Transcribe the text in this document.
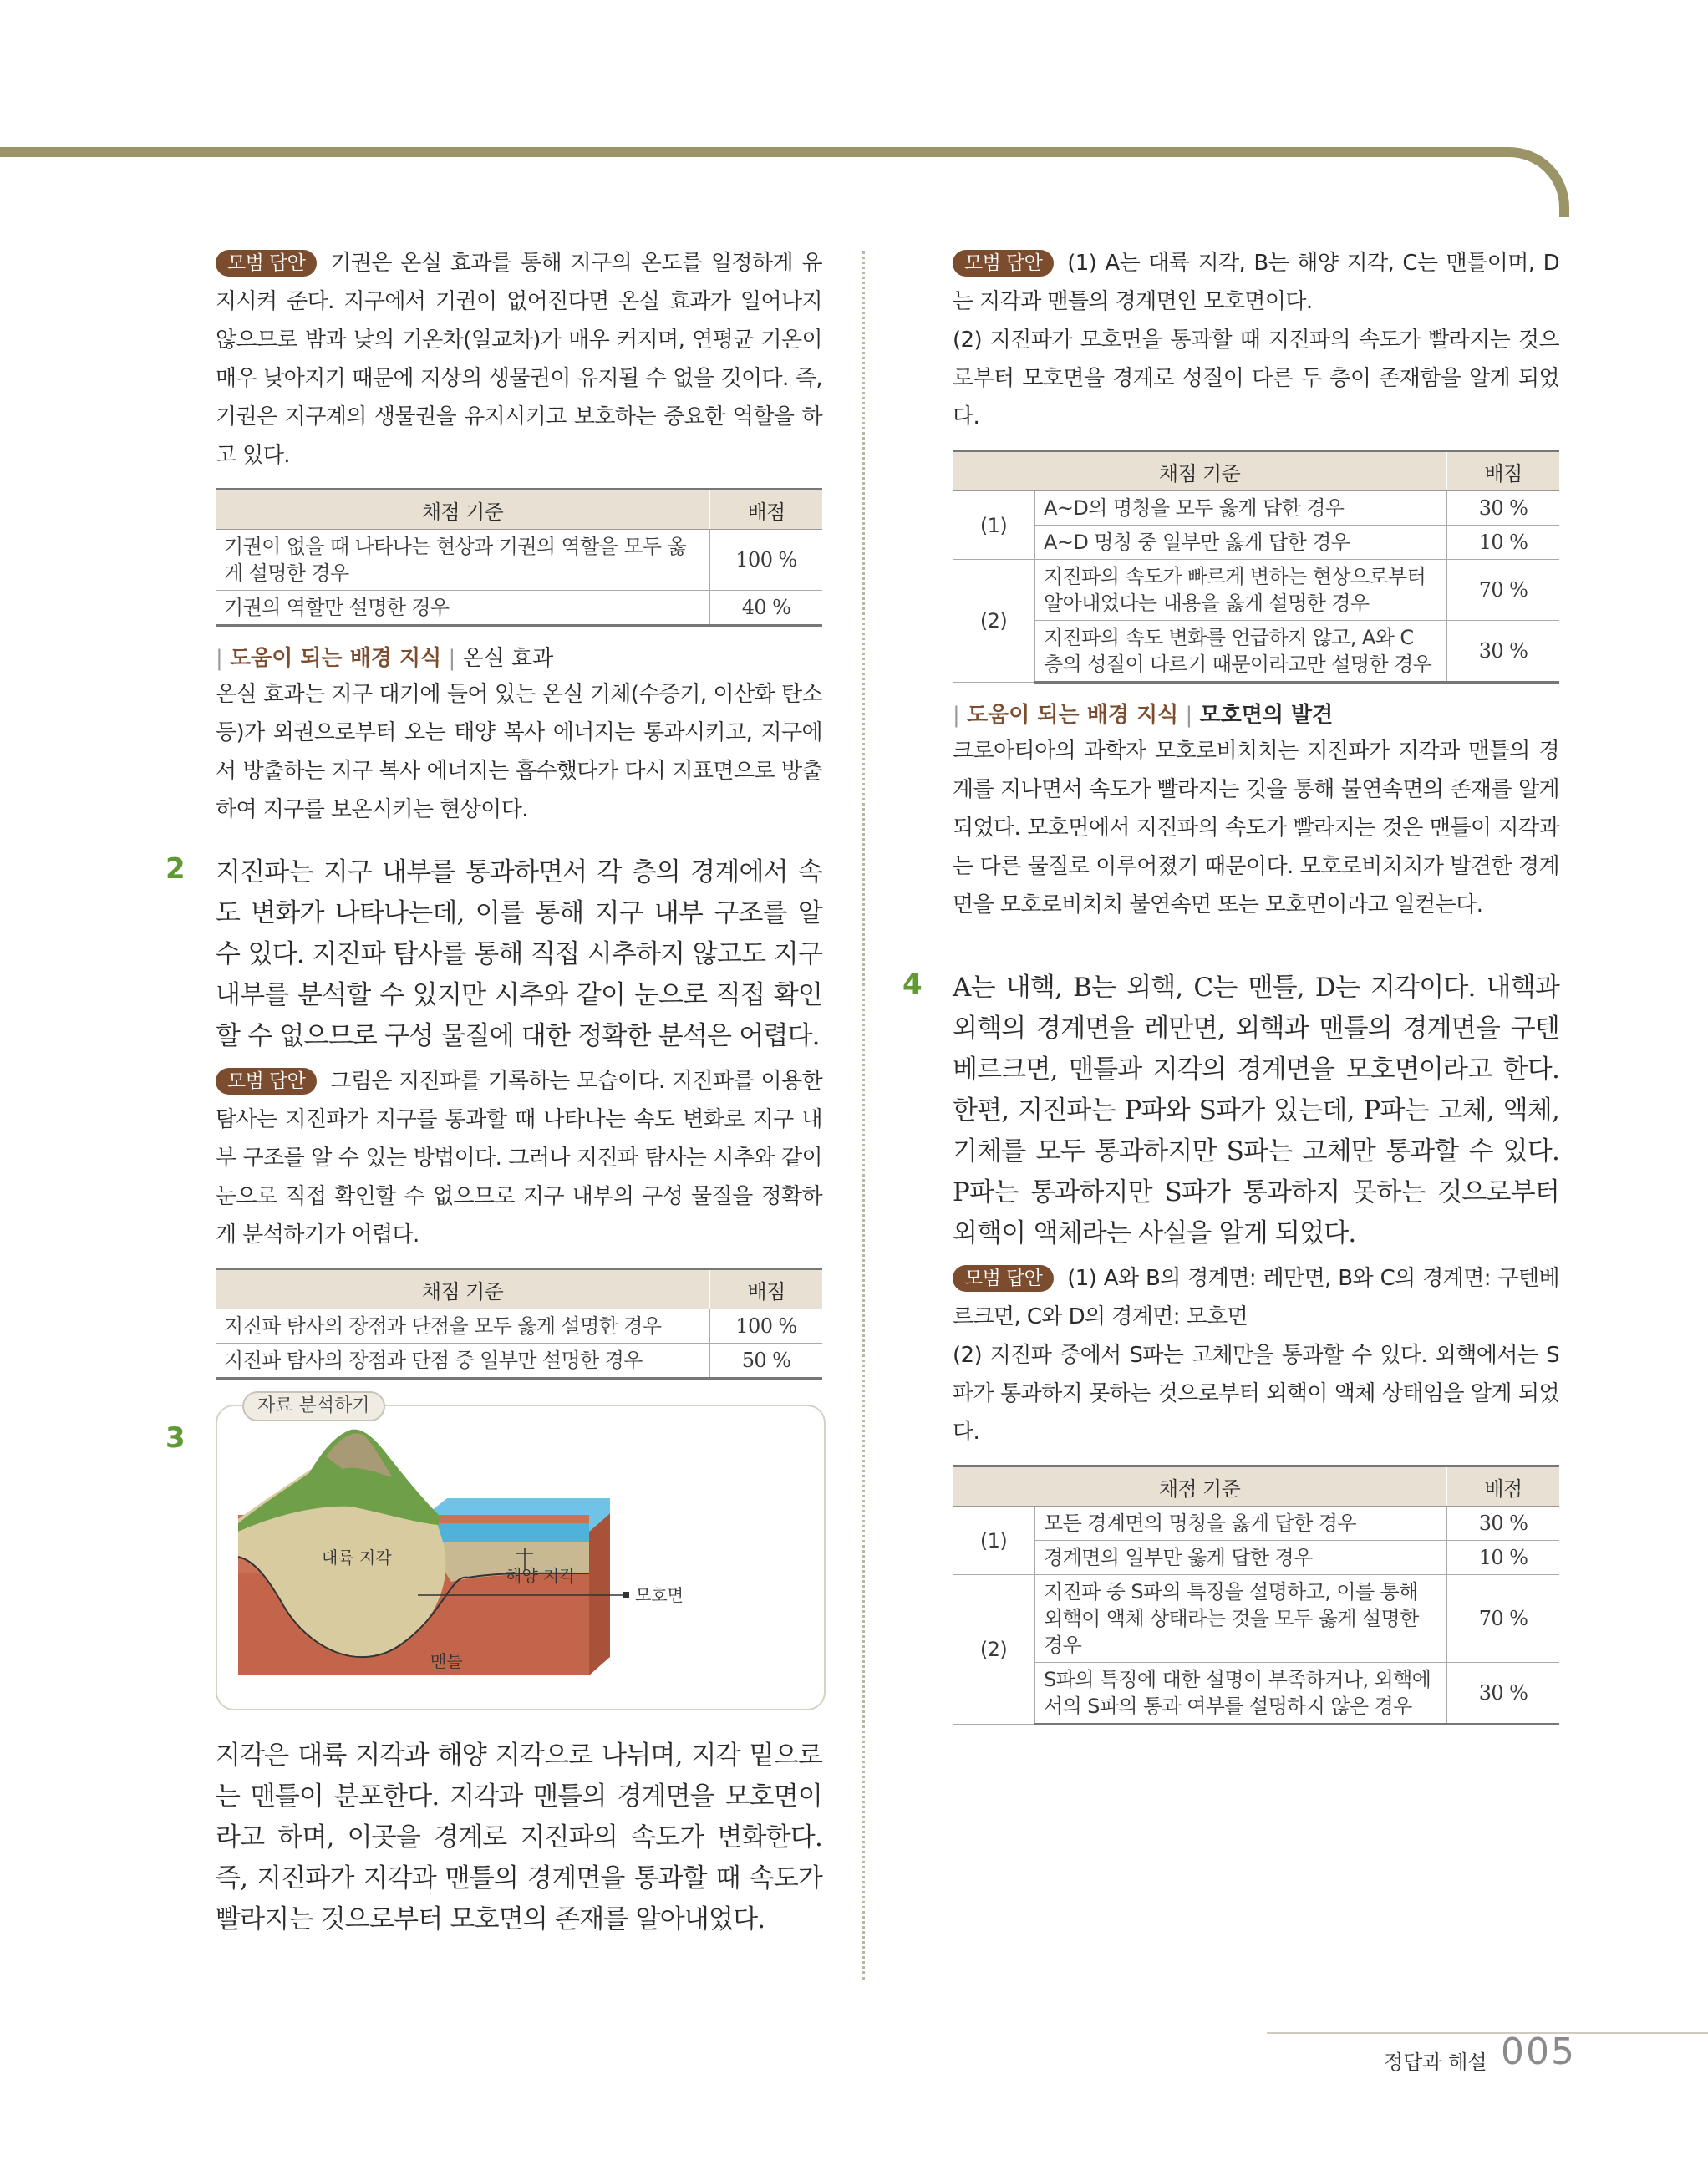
모범 답안 기권은 온실 효과를 통해 지구의 온도를 일정하게 유지시켜 준다. 지구에서 기권이 없어진다면 온실 효과가 일어나지 않으므로 밤과 낮의 기온차(일교차)가 매우 커지며, 연평균 기온이 매우 낮아지기 때문에 지상의 생물권이 유지될 수 없을 것이다. 즉, 기권은 지구계의 생물권을 유지시키고 보호하는 중요한 역할을 하고 있다.
채점 기준	배점
기권이 없을 때 나타나는 현상과 기권의 역할을 모두 옳게 설명한 경우	100 %
기권의 역할만 설명한 경우	40 %
| 도움이 되는 배경 지식 | 온실 효과
온실 효과는 지구 대기에 들어 있는 온실 기체(수증기, 이산화 탄소 등)가 외권으로부터 오는 태양 복사 에너지는 통과시키고, 지구에서 방출하는 지구 복사 에너지는 흡수했다가 다시 지표면으로 방출하여 지구를 보온시키는 현상이다.
2 지진파는 지구 내부를 통과하면서 각 층의 경계에서 속도 변화가 나타나는데, 이를 통해 지구 내부 구조를 알 수 있다. 지진파 탐사를 통해 직접 시추하지 않고도 지구 내부를 분석할 수 있지만 시추와 같이 눈으로 직접 확인할 수 없으므로 구성 물질에 대한 정확한 분석은 어렵다.
모범 답안 그림은 지진파를 기록하는 모습이다. 지진파를 이용한 탐사는 지진파가 지구를 통과할 때 나타나는 속도 변화로 지구 내부 구조를 알 수 있는 방법이다. 그러나 지진파 탐사는 시추와 같이 눈으로 직접 확인할 수 없으므로 지구 내부의 구성 물질을 정확하게 분석하기가 어렵다.
채점 기준	배점
지진파 탐사의 장점과 단점을 모두 옳게 설명한 경우	100 %
지진파 탐사의 장점과 단점 중 일부만 설명한 경우	50 %
3
자료 분석하기
대륙 지각
해양 지각
모호면
맨틀
지각은 대륙 지각과 해양 지각으로 나뉘며, 지각 밑으로는 맨틀이 분포한다. 지각과 맨틀의 경계면을 모호면이라고 하며, 이곳을 경계로 지진파의 속도가 변화한다. 즉, 지진파가 지각과 맨틀의 경계면을 통과할 때 속도가 빨라지는 것으로부터 모호면의 존재를 알아내었다.
모범 답안 (1) A는 대륙 지각, B는 해양 지각, C는 맨틀이며, D는 지각과 맨틀의 경계면인 모호면이다.
(2) 지진파가 모호면을 통과할 때 지진파의 속도가 빨라지는 것으로부터 모호면을 경계로 성질이 다른 두 층이 존재함을 알게 되었다.
채점 기준		배점
(1)	A~D의 명칭을 모두 옳게 답한 경우	30 %
	A~D 명칭 중 일부만 옳게 답한 경우	10 %
(2)	지진파의 속도가 빠르게 변하는 현상으로부터 알아내었다는 내용을 옳게 설명한 경우	70 %
	지진파의 속도 변화를 언급하지 않고, A와 C 층의 성질이 다르기 때문이라고만 설명한 경우	30 %
| 도움이 되는 배경 지식 | 모호면의 발견
크로아티아의 과학자 모호로비치치는 지진파가 지각과 맨틀의 경계를 지나면서 속도가 빨라지는 것을 통해 불연속면의 존재를 알게 되었다. 모호면에서 지진파의 속도가 빨라지는 것은 맨틀이 지각과는 다른 물질로 이루어졌기 때문이다. 모호로비치치가 발견한 경계면을 모호로비치치 불연속면 또는 모호면이라고 일컫는다.
4 A는 내핵, B는 외핵, C는 맨틀, D는 지각이다. 내핵과 외핵의 경계면을 레만면, 외핵과 맨틀의 경계면을 구텐베르크면, 맨틀과 지각의 경계면을 모호면이라고 한다. 한편, 지진파는 P파와 S파가 있는데, P파는 고체, 액체, 기체를 모두 통과하지만 S파는 고체만 통과할 수 있다. P파는 통과하지만 S파가 통과하지 못하는 것으로부터 외핵이 액체라는 사실을 알게 되었다.
모범 답안 (1) A와 B의 경계면: 레만면, B와 C의 경계면: 구텐베르크면, C와 D의 경계면: 모호면
(2) 지진파 중에서 S파는 고체만을 통과할 수 있다. 외핵에서는 S파가 통과하지 못하는 것으로부터 외핵이 액체 상태임을 알게 되었다.
채점 기준		배점
(1)	모든 경계면의 명칭을 옳게 답한 경우	30 %
	경계면의 일부만 옳게 답한 경우	10 %
(2)	지진파 중 S파의 특징을 설명하고, 이를 통해 외핵이 액체 상태라는 것을 모두 옳게 설명한 경우	70 %
	S파의 특징에 대한 설명이 부족하거나, 외핵에서의 S파의 통과 여부를 설명하지 않은 경우	30 %
정답과 해설 005
